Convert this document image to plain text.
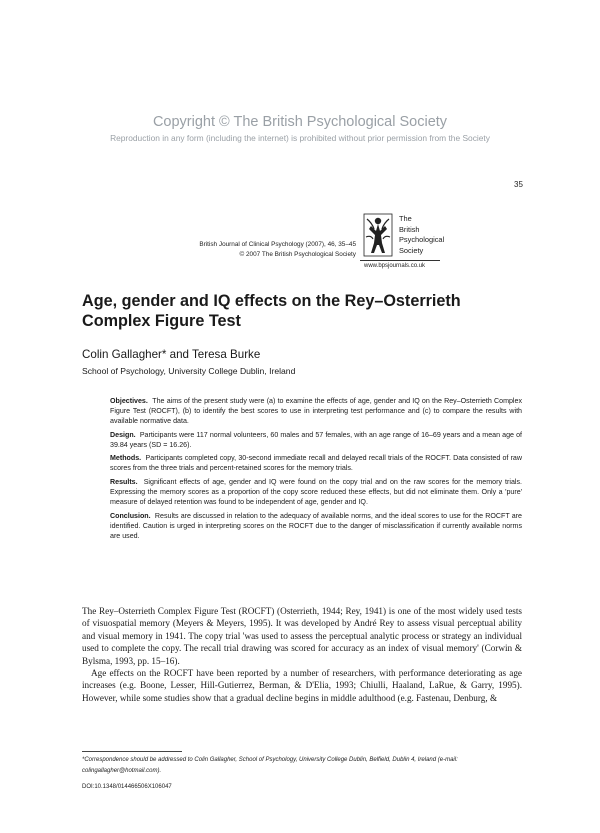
Copyright © The British Psychological Society
Reproduction in any form (including the internet) is prohibited without prior permission from the Society
35
British Journal of Clinical Psychology (2007), 46, 35–45
© 2007 The British Psychological Society
The
British
Psychological
Society
www.bpsjournals.co.uk
Age, gender and IQ effects on the Rey–Osterrieth Complex Figure Test
Colin Gallagher* and Teresa Burke
School of Psychology, University College Dublin, Ireland

Objectives. The aims of the present study were (a) to examine the effects of age, gender and IQ on the Rey–Osterrieth Complex Figure Test (ROCFT), (b) to identify the best scores to use in interpreting test performance and (c) to compare the results with available normative data.

Design. Participants were 117 normal volunteers, 60 males and 57 females, with an age range of 16–69 years and a mean age of 39.84 years (SD = 16.26).

Methods. Participants completed copy, 30-second immediate recall and delayed recall trials of the ROCFT. Data consisted of raw scores from the three trials and percent-retained scores for the memory trials.

Results. Significant effects of age, gender and IQ were found on the copy trial and on the raw scores for the memory trials. Expressing the memory scores as a proportion of the copy score reduced these effects, but did not eliminate them. Only a 'pure' measure of delayed retention was found to be independent of age, gender and IQ.

Conclusion. Results are discussed in relation to the adequacy of available norms, and the ideal scores to use for the ROCFT are identified. Caution is urged in interpreting scores on the ROCFT due to the danger of misclassification if currently available norms are used.

The Rey–Osterrieth Complex Figure Test (ROCFT) (Osterrieth, 1944; Rey, 1941) is one of the most widely used tests of visuospatial memory (Meyers & Meyers, 1995). It was developed by André Rey to assess visual perceptual ability and visual memory in 1941. The copy trial 'was used to assess the perceptual analytic process or strategy an individual used to complete the copy. The recall trial drawing was scored for accuracy as an index of visual memory' (Corwin & Bylsma, 1993, pp. 15–16).

Age effects on the ROCFT have been reported by a number of researchers, with performance deteriorating as age increases (e.g. Boone, Lesser, Hill-Gutierrez, Berman, & D'Elia, 1993; Chiulli, Haaland, LaRue, & Garry, 1995). However, while some studies show that a gradual decline begins in middle adulthood (e.g. Fastenau, Denburg, &

*Correspondence should be addressed to Colin Gallagher, School of Psychology, University College Dublin, Belfield, Dublin 4, Ireland (e-mail: colingallagher@hotmail.com).
DOI:10.1348/014466506X106047
